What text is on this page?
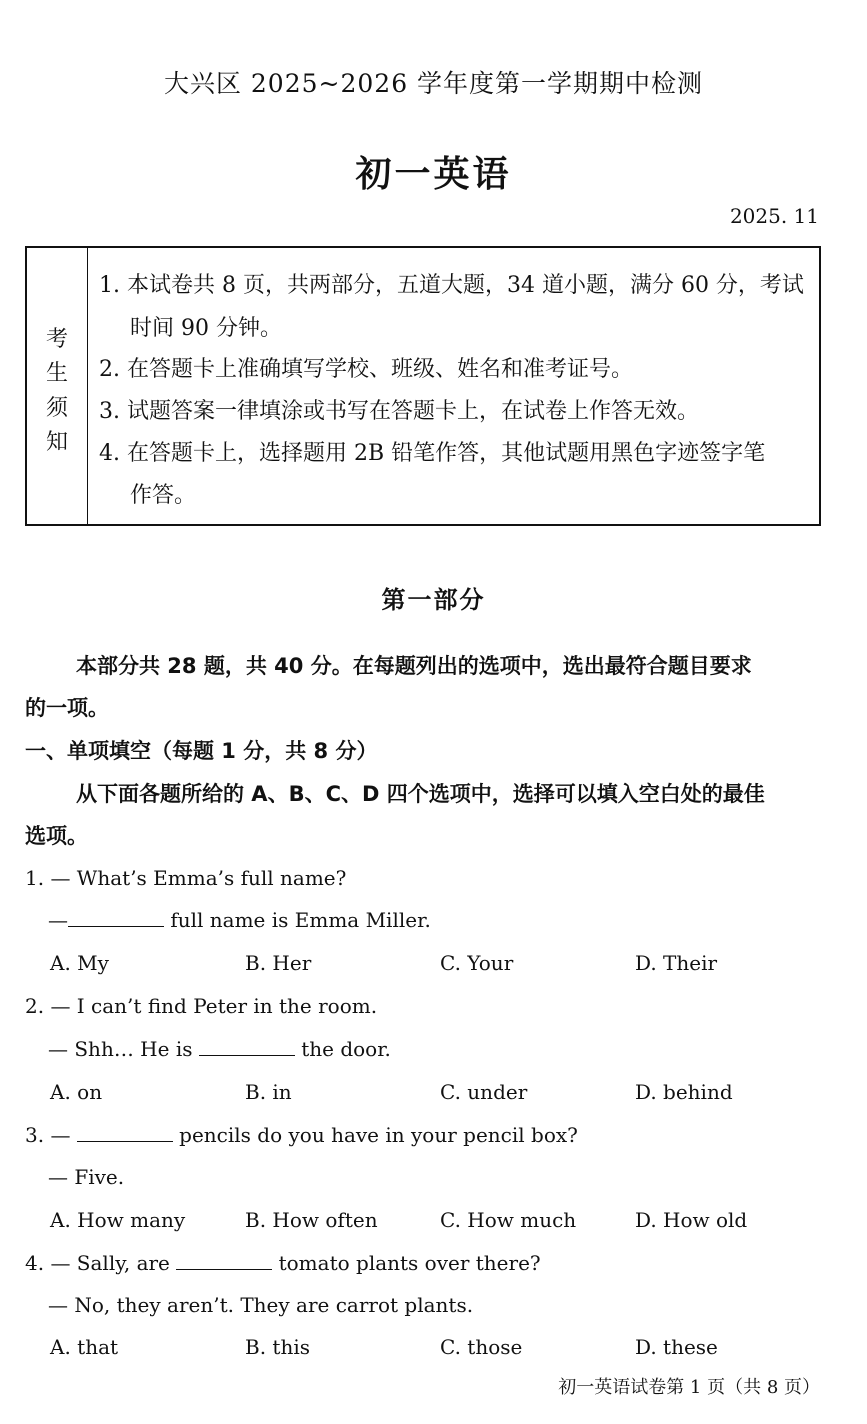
大兴区 2025~2026 学年度第一学期期中检测
初一英语
2025. 11
考
生
须
知
1. 本试卷共 8 页，共两部分，五道大题，34 道小题，满分 60 分，考试
时间 90 分钟。
2. 在答题卡上准确填写学校、班级、姓名和准考证号。
3. 试题答案一律填涂或书写在答题卡上，在试卷上作答无效。
4. 在答题卡上，选择题用 2B 铅笔作答，其他试题用黑色字迹签字笔
作答。
第一部分
本部分共 28 题，共 40 分。在每题列出的选项中，选出最符合题目要求
的一项。
一、单项填空（每题 1 分，共 8 分）
从下面各题所给的 A、B、C、D 四个选项中，选择可以填入空白处的最佳
选项。
1. — What’s Emma’s full name?
—	full name is Emma Miller.
A. My	B. Her	C. Your	D. Their
2. — I can’t find Peter in the room.
— Shh… He is	the door.
A. on	B. in	C. under	D. behind
3. —	pencils do you have in your pencil box?
— Five.
A. How many	B. How often	C. How much	D. How old
4. — Sally, are	tomato plants over there?
— No, they aren’t. They are carrot plants.
A. that	B. this	C. those	D. these
初一英语试卷第 1 页（共 8 页）
